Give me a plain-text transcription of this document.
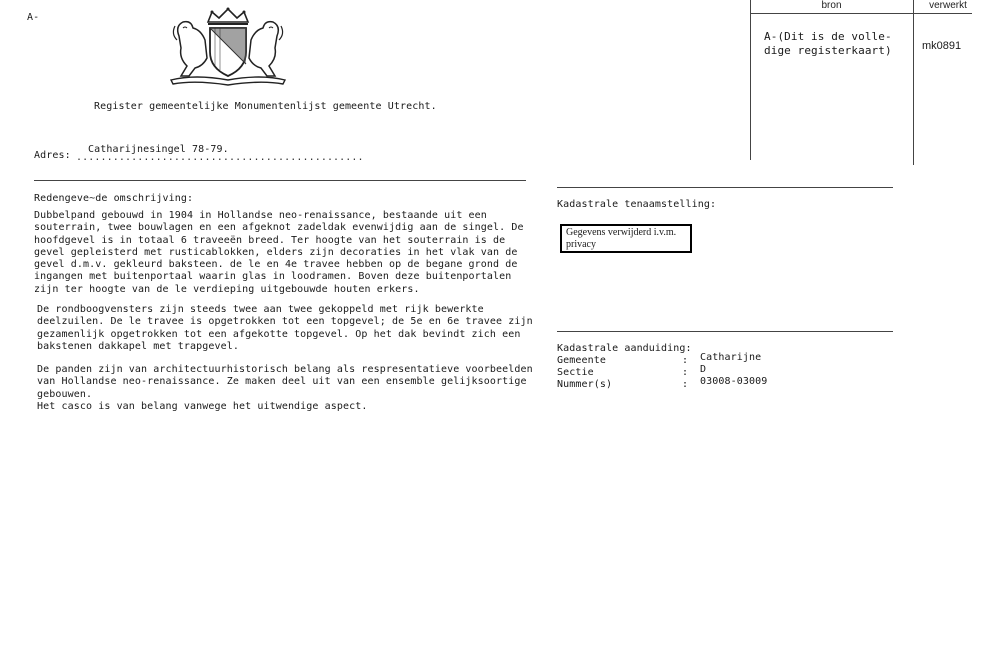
A-
Register gemeentelijke Monumentenlijst gemeente Utrecht.
Catharijnesingel 78-79.
Adres: ...............................................
bron	verwerkt
A-(Dit is de volle-
dige registerkaart)	mk0891
Redengeve~de omschrijving:
Dubbelpand gebouwd in 1904 in Hollandse neo-renaissance, bestaande uit een
souterrain, twee bouwlagen en een afgeknot zadeldak evenwijdig aan de singel. De
hoofdgevel is in totaal 6 traveeën breed. Ter hoogte van het souterrain is de
gevel gepleisterd met rusticablokken, elders zijn decoraties in het vlak van de
gevel d.m.v. gekleurd baksteen. de le en 4e travee hebben op de begane grond de
ingangen met buitenportaal waarin glas in loodramen. Boven deze buitenportalen
zijn ter hoogte van de le verdieping uitgebouwde houten erkers.
De rondboogvensters zijn steeds twee aan twee gekoppeld met rijk bewerkte
deelzuilen. De le travee is opgetrokken tot een topgevel; de 5e en 6e travee zijn
gezamenlijk opgetrokken tot een afgekotte topgevel. Op het dak bevindt zich een
bakstenen dakkapel met trapgevel.
De panden zijn van architectuurhistorisch belang als respresentatieve voorbeelden
van Hollandse neo-renaissance. Ze maken deel uit van een ensemble gelijksoortige
gebouwen.
Het casco is van belang vanwege het uitwendige aspect.
Kadastrale tenaamstelling:
Gegevens verwijderd i.v.m. privacy
Kadastrale aanduiding:
Gemeente	: Catharijne
Sectie	: D
Nummer(s)	: 03008-03009
